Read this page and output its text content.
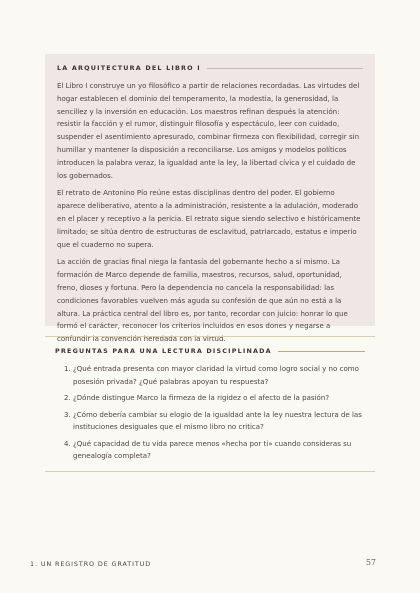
LA ARQUITECTURA DEL LIBRO I

El Libro I construye un yo filosófico a partir de relaciones recordadas. Las virtudes del hogar establecen el dominio del temperamento, la modestia, la generosidad, la sencillez y la inversión en educación. Los maestros refinan después la atención: resistir la facción y el rumor, distinguir filosofía y espectáculo, leer con cuidado, suspender el asentimiento apresurado, combinar firmeza con flexibilidad, corregir sin humillar y mantener la disposición a reconciliarse. Los amigos y modelos políticos introducen la palabra veraz, la igualdad ante la ley, la libertad cívica y el cuidado de los gobernados.

El retrato de Antonino Pío reúne estas disciplinas dentro del poder. El gobierno aparece deliberativo, atento a la administración, resistente a la adulación, moderado en el placer y receptivo a la pericia. El retrato sigue siendo selectivo e históricamente limitado; se sitúa dentro de estructuras de esclavitud, patriarcado, estatus e imperio que el cuaderno no supera.

La acción de gracias final niega la fantasía del gobernante hecho a sí mismo. La formación de Marco depende de familia, maestros, recursos, salud, oportunidad, freno, dioses y fortuna. Pero la dependencia no cancela la responsabilidad: las condiciones favorables vuelven más aguda su confesión de que aún no está a la altura. La práctica central del libro es, por tanto, recordar con juicio: honrar lo que formó el carácter, reconocer los criterios incluidos en esos dones y negarse a confundir la convención heredada con la virtud.

PREGUNTAS PARA UNA LECTURA DISCIPLINADA
1. ¿Qué entrada presenta con mayor claridad la virtud como logro social y no como posesión privada? ¿Qué palabras apoyan tu respuesta?
2. ¿Dónde distingue Marco la firmeza de la rigidez o el afecto de la pasión?
3. ¿Cómo debería cambiar su elogio de la igualdad ante la ley nuestra lectura de las instituciones desiguales que el mismo libro no critica?
4. ¿Qué capacidad de tu vida parece menos «hecha por ti» cuando consideras su genealogía completa?
1. UN REGISTRO DE GRATITUD	57
